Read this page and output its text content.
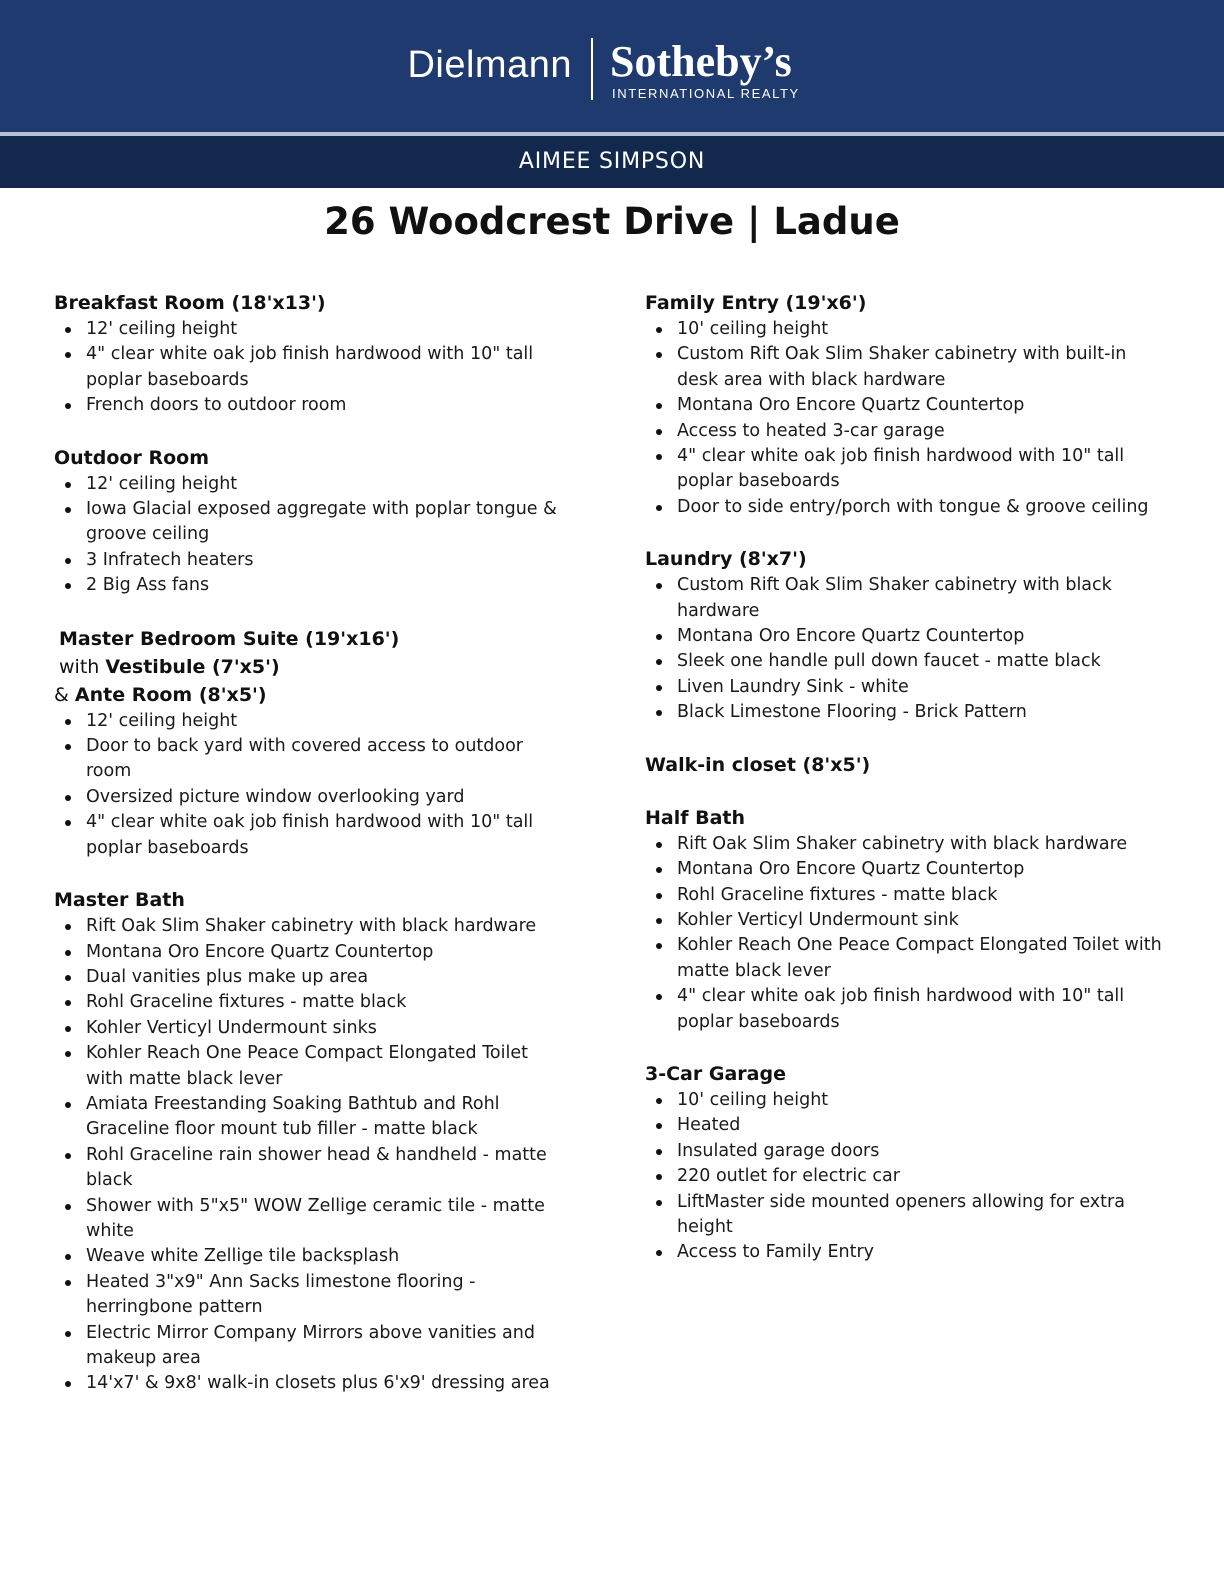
Dielmann Sotheby’s
INTERNATIONAL REALTY
AIMEE SIMPSON
26 Woodcrest Drive | Ladue

Breakfast Room (18'x13')

12' ceiling height
4" clear white oak job finish hardwood with 10" tall poplar baseboards
French doors to outdoor room

Outdoor Room

12' ceiling height
Iowa Glacial exposed aggregate with poplar tongue & groove ceiling
3 Infratech heaters
2 Big Ass fans

Master Bedroom Suite (19'x16')

with Vestibule (7'x5')

& Ante Room (8'x5')

12' ceiling height
Door to back yard with covered access to outdoor room
Oversized picture window overlooking yard
4" clear white oak job finish hardwood with 10" tall poplar baseboards

Master Bath

Rift Oak Slim Shaker cabinetry with black hardware
Montana Oro Encore Quartz Countertop
Dual vanities plus make up area
Rohl Graceline fixtures - matte black
Kohler Verticyl Undermount sinks
Kohler Reach One Peace Compact Elongated Toilet with matte black lever
Amiata Freestanding Soaking Bathtub and Rohl Graceline floor mount tub filler - matte black
Rohl Graceline rain shower head & handheld - matte black
Shower with 5"x5" WOW Zellige ceramic tile - matte white
Weave white Zellige tile backsplash
Heated 3"x9" Ann Sacks limestone flooring - herringbone pattern
Electric Mirror Company Mirrors above vanities and makeup area
14'x7' & 9x8' walk-in closets plus 6'x9' dressing area

Family Entry (19'x6')

10' ceiling height
Custom Rift Oak Slim Shaker cabinetry with built-in desk area with black hardware
Montana Oro Encore Quartz Countertop
Access to heated 3-car garage
4" clear white oak job finish hardwood with 10" tall poplar baseboards
Door to side entry/porch with tongue & groove ceiling

Laundry (8'x7')

Custom Rift Oak Slim Shaker cabinetry with black hardware
Montana Oro Encore Quartz Countertop
Sleek one handle pull down faucet - matte black
Liven Laundry Sink - white
Black Limestone Flooring - Brick Pattern

Walk-in closet (8'x5')

Half Bath

Rift Oak Slim Shaker cabinetry with black hardware
Montana Oro Encore Quartz Countertop
Rohl Graceline fixtures - matte black
Kohler Verticyl Undermount sink
Kohler Reach One Peace Compact Elongated Toilet with matte black lever
4" clear white oak job finish hardwood with 10" tall poplar baseboards

3-Car Garage

10' ceiling height
Heated
Insulated garage doors
220 outlet for electric car
LiftMaster side mounted openers allowing for extra height
Access to Family Entry
